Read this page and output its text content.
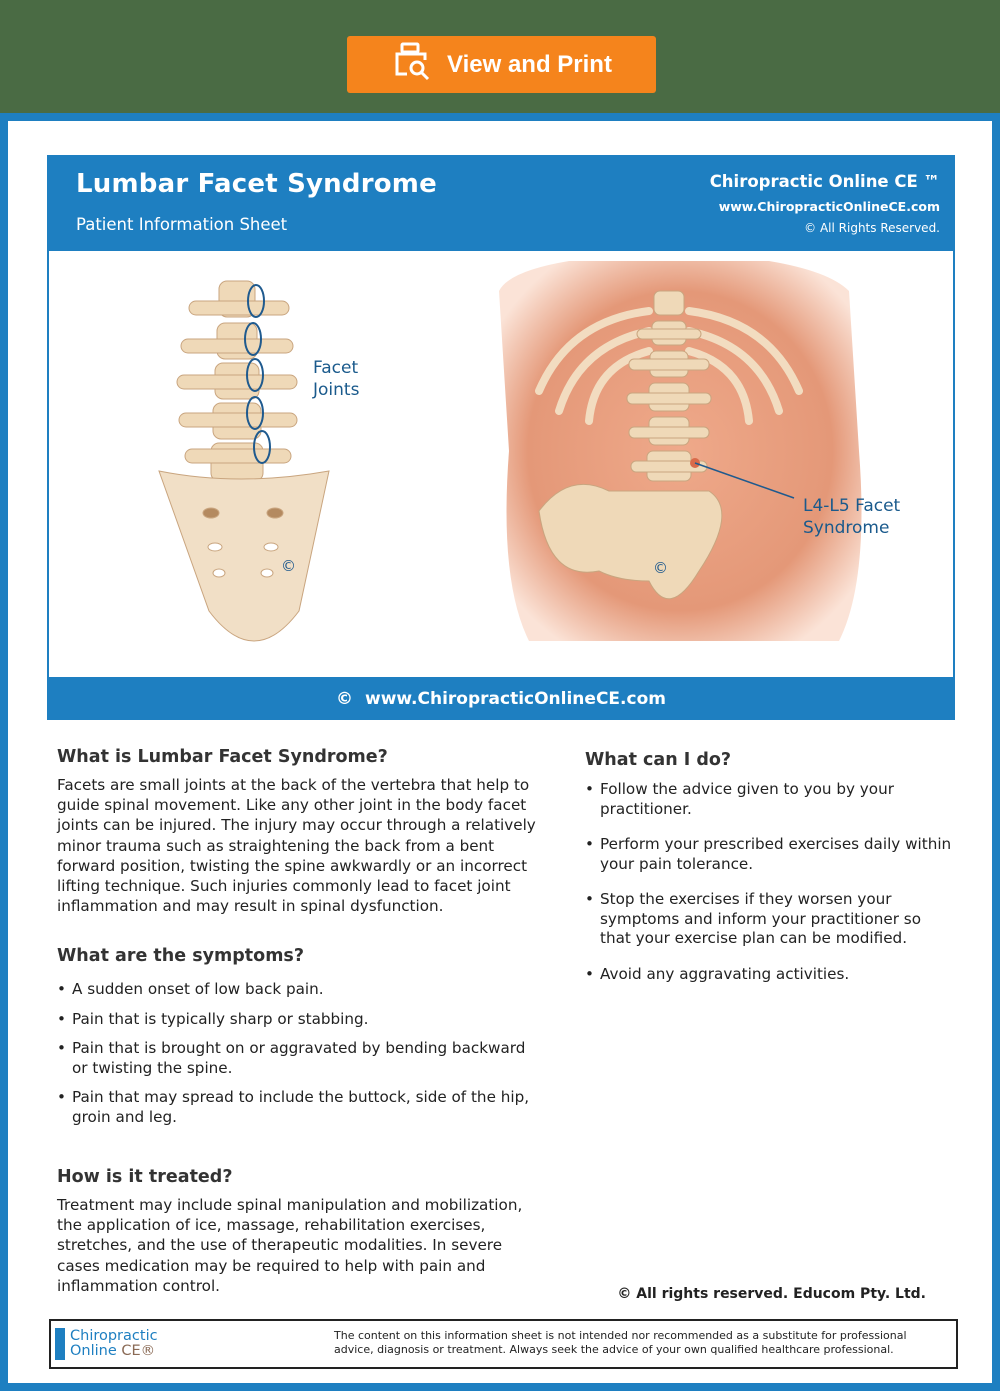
View and Print
Lumbar Facet Syndrome
Patient Information Sheet
Chiropractic Online CE ™
www.ChiropracticOnlineCE.com
© All Rights Reserved.
©	©
Facet
Joints
L4-L5 Facet
Syndrome
© www.ChiropracticOnlineCE.com
What is Lumbar Facet Syndrome?

Facets are small joints at the back of the vertebra that help to guide spinal movement. Like any other joint in the body facet joints can be injured. The injury may occur through a relatively minor trauma such as straightening the back from a bent forward position, twisting the spine awkwardly or an incorrect lifting technique. Such injuries commonly lead to facet joint inflammation and may result in spinal dysfunction.

What are the symptoms?
• A sudden onset of low back pain.
• Pain that is typically sharp or stabbing.
• Pain that is brought on or aggravated by bending backward or twisting the spine.
• Pain that may spread to include the buttock, side of the hip, groin and leg.
How is it treated?

Treatment may include spinal manipulation and mobilization, the application of ice, massage, rehabilitation exercises, stretches, and the use of therapeutic modalities. In severe cases medication may be required to help with pain and inflammation control.

What can I do?
• Follow the advice given to you by your practitioner.
• Perform your prescribed exercises daily within your pain tolerance.
• Stop the exercises if they worsen your symptoms and inform your practitioner so that your exercise plan can be modified.
• Avoid any aggravating activities.
© All rights reserved. Educom Pty. Ltd.
Chiropractic
Online CE®
The content on this information sheet is not intended nor recommended as a substitute for professional advice, diagnosis or treatment. Always seek the advice of your own qualified healthcare professional.
